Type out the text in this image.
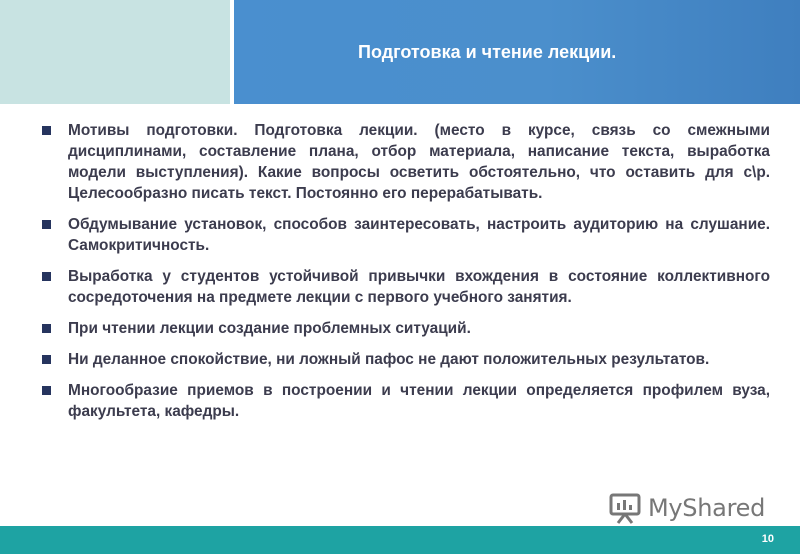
Подготовка и чтение лекции.
Мотивы подготовки. Подготовка лекции. (место в курсе, связь со смежными дисциплинами, составление плана, отбор материала, написание текста, выработка модели выступления). Какие вопросы осветить обстоятельно, что оставить для с\р. Целесообразно писать текст. Постоянно его перерабатывать.
Обдумывание установок, способов заинтересовать, настроить аудиторию на слушание. Самокритичность.
Выработка у студентов устойчивой привычки вхождения в состояние коллективного сосредоточения на предмете лекции с первого учебного занятия.
При чтении лекции создание проблемных ситуаций.
Ни деланное спокойствие, ни ложный пафос не дают положительных результатов.
Многообразие приемов в построении и чтении лекции определяется профилем вуза, факультета, кафедры.
MyShared
10
